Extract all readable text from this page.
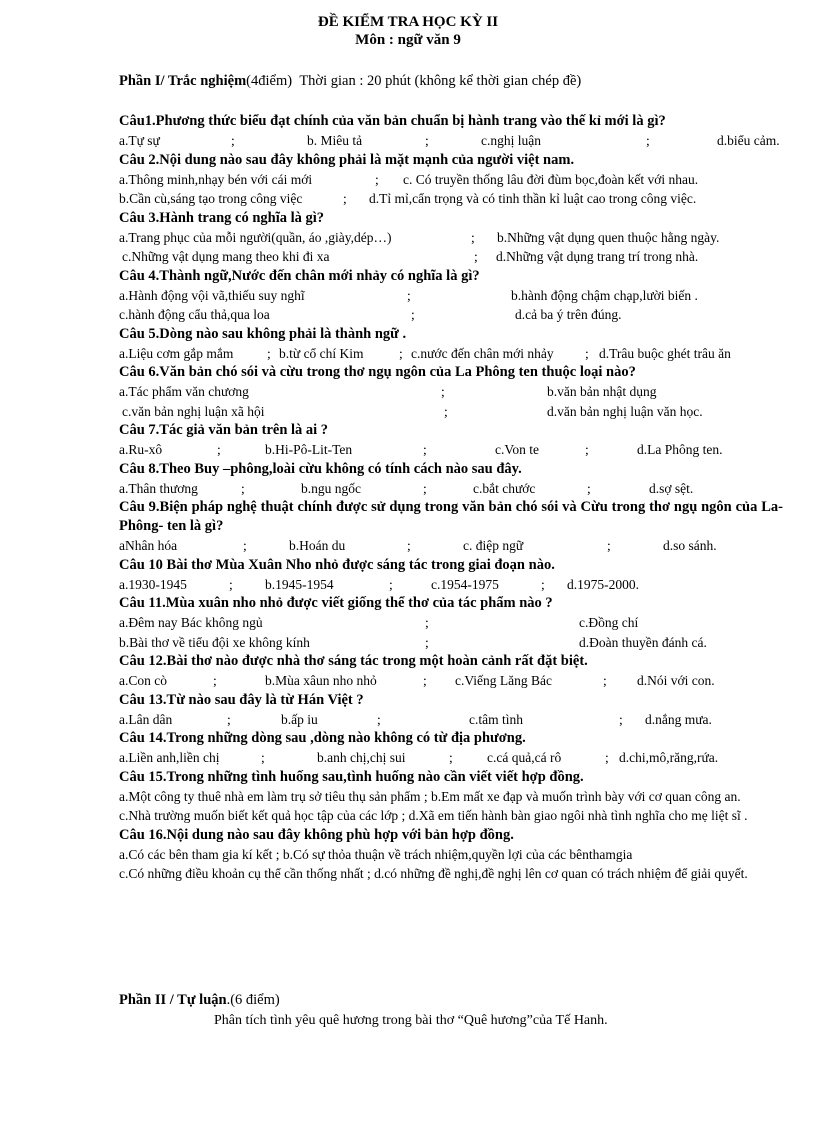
ĐỀ KIỂM TRA HỌC KỲ II
Môn : ngữ văn 9
Phần I/ Trắc nghiệm(4điểm) Thời gian : 20 phút (không kể thời gian chép đề)
Câu1.Phương thức biểu đạt chính của văn bản chuẩn bị hành trang vào thế kỉ mới là gì?
a.Tự sự	;	b. Miêu tả	;	c.nghị luận	;	d.biểu cảm.
Câu 2.Nội dung nào sau đây không phải là mặt mạnh của người việt nam.
a.Thông minh,nhạy bén với cái mới	;	c. Có truyền thống lâu đời đùm bọc,đoàn kết với nhau.
b.Cần cù,sáng tạo trong công việc	;	d.Tỉ mỉ,cẩn trọng và có tinh thần kỉ luật cao trong công việc.
Câu 3.Hành trang có nghĩa là gì?
a.Trang phục của mỗi người(quần, áo ,giày,dép…)	;	b.Những vật dụng quen thuộc hằng ngày.
c.Những vật dụng mang theo khi đi xa	;	d.Những vật dụng trang trí trong nhà.
Câu 4.Thành ngữ,Nước đến chân mới nhảy có nghĩa là gì?
a.Hành động vội vã,thiếu suy nghĩ	;	b.hành động chậm chạp,lười biến .
c.hành động cẩu thả,qua loa	;	d.cả ba ý trên đúng.
Câu 5.Dòng nào sau không phải là thành ngữ .
a.Liệu cơm gắp mắm	; b.từ cổ chí Kim	; c.nước đến chân mới nhảy	; d.Trâu buộc ghét trâu ăn
Câu 6.Văn bản chó sói và cừu trong thơ ngụ ngôn của La Phông ten thuộc loại nào?
a.Tác phẩm văn chương	;	b.văn bản nhật dụng
c.văn bản nghị luận xã hội	;	d.văn bản nghị luận văn học.
Câu 7.Tác giả văn bản trên là ai ?
a.Ru-xô	;	b.Hi-Pô-Lit-Ten	;	c.Von te	;	d.La Phông ten.
Câu 8.Theo Buy –phông,loài cừu không có tính cách nào sau đây.
a.Thân thương	;	b.ngu ngốc	;	c.bắt chước	;	d.sợ sệt.
Câu 9.Biện pháp nghệ thuật chính được sử dụng trong văn bản chó sói và Cừu trong thơ ngụ ngôn của La-Phông- ten là gì?
aNhân hóa	;	b.Hoán du	;	c. điệp ngữ	;	d.so sánh.
Câu 10 Bài thơ Mùa Xuân Nho nhỏ được sáng tác trong giai đoạn nào.
a.1930-1945	;	b.1945-1954	;	c.1954-1975	;	d.1975-2000.
Câu 11.Mùa xuân nho nhỏ được viết giống thể thơ của tác phẩm nào ?
a.Đêm nay Bác không ngủ	;	c.Đồng chí
b.Bài thơ về tiểu đội xe không kính	;	d.Đoàn thuyền đánh cá.
Câu 12.Bài thơ nào được nhà thơ sáng tác trong một hoàn cảnh rất đặt biệt.
a.Con cò	;	b.Mùa xâun nho nhỏ	;	c.Viếng Lăng Bác	;	d.Nói với con.
Câu 13.Từ nào sau đây là từ Hán Việt ?
a.Lân dân	;	b.ấp iu	;	c.tâm tình	;	d.nắng mưa.
Câu 14.Trong những dòng sau ,dòng nào không có từ địa phương.
a.Liền anh,liền chị	;	b.anh chị,chị sui	;	c.cá quả,cá rô	; d.chi,mô,răng,rứa.
Câu 15.Trong những tình huống sau,tình huống nào cần viết viết hợp đồng.
a.Một công ty thuê nhà em làm trụ sở tiêu thụ sản phẩm ; b.Em mất xe đạp và muốn trình bày với cơ quan công an.
c.Nhà trường muốn biết kết quả học tập của các lớp ; d.Xã em tiến hành bàn giao ngôi nhà tình nghĩa cho mẹ liệt sĩ .
Câu 16.Nội dung nào sau đây không phù hợp với bản hợp đồng.
a.Có các bên tham gia kí kết ; b.Có sự thỏa thuận về trách nhiệm,quyền lợi của các bênthamgia
c.Có những điều khoản cụ thể cần thống nhất ; d.có những đề nghị,đề nghị lên cơ quan có trách nhiệm để giải quyết.
Phần II / Tự luận.(6 điểm)
Phân tích tình yêu quê hương trong bài thơ “Quê hương”của Tế Hanh.
